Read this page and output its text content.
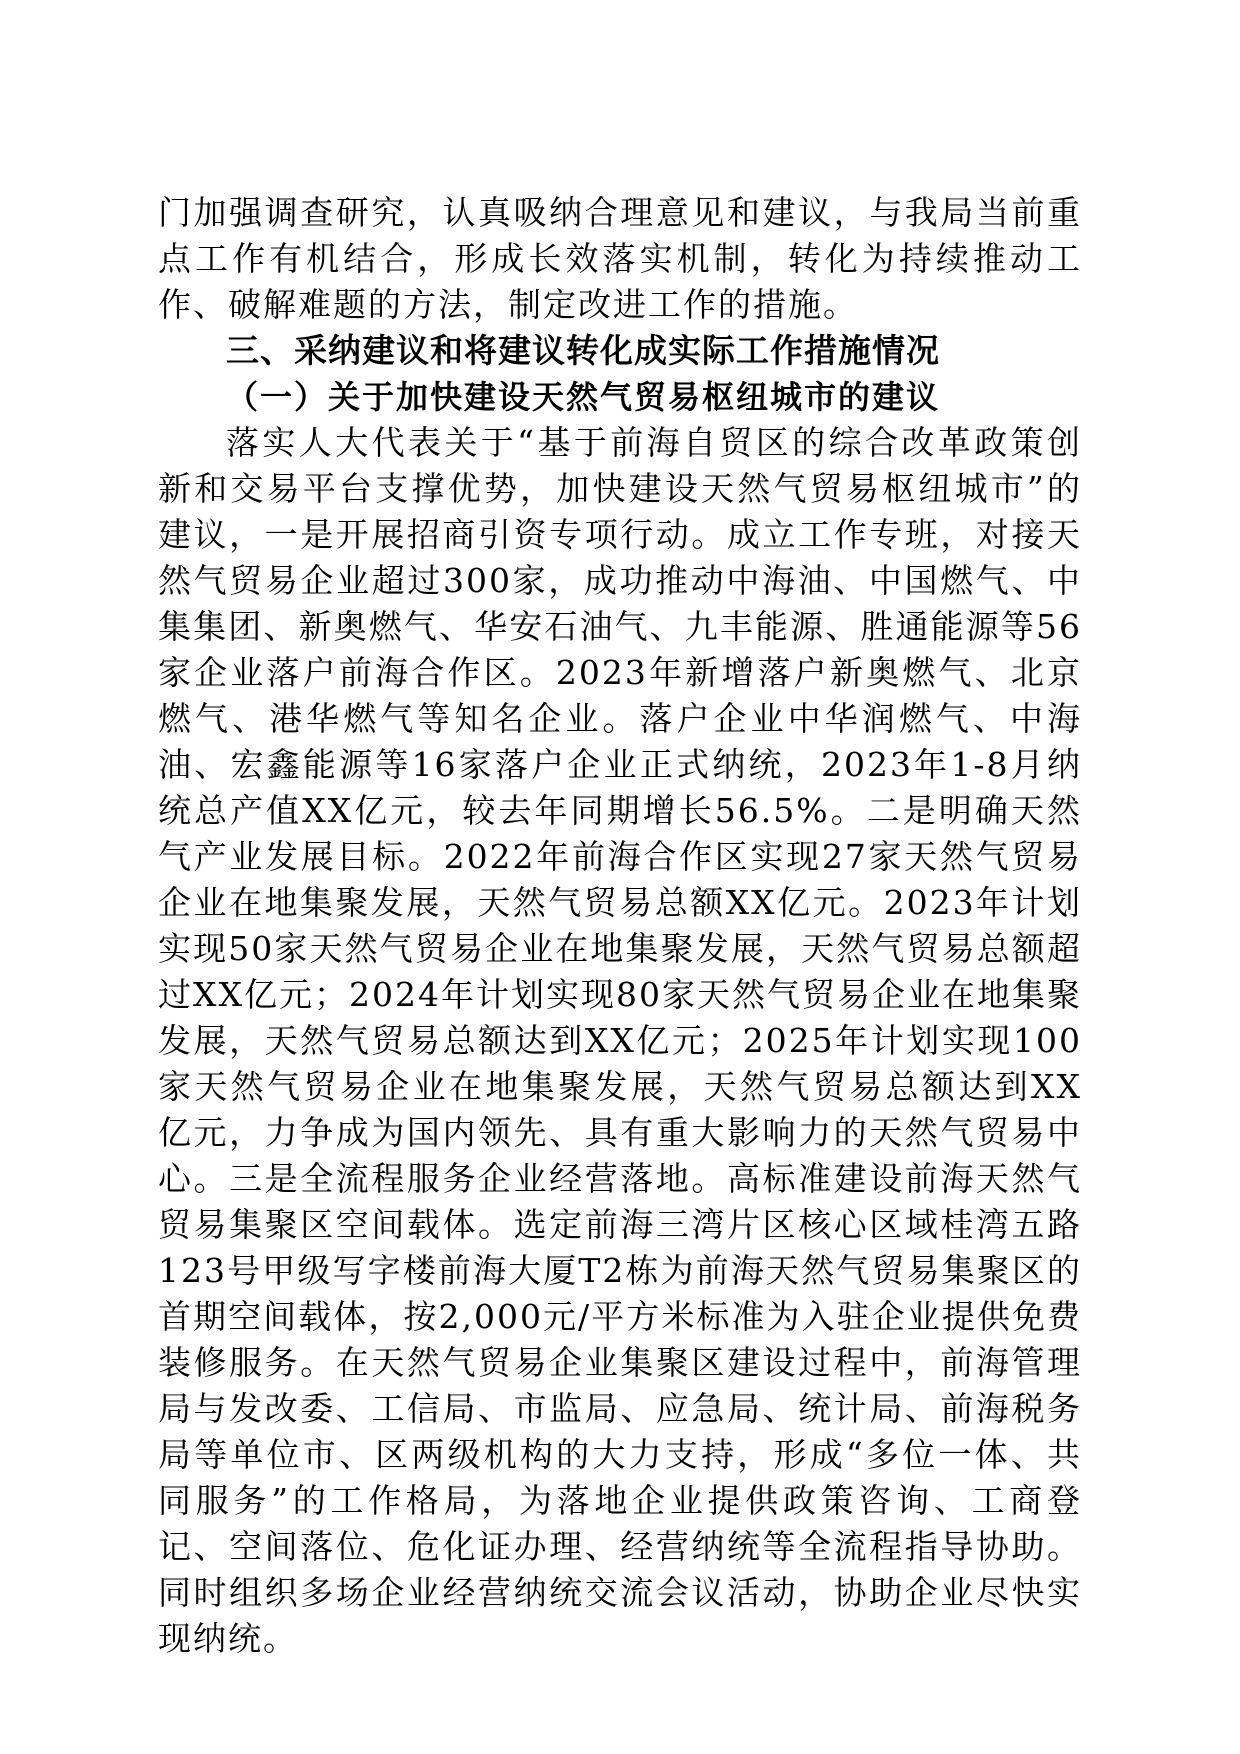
门加强调查研究，认真吸纳合理意见和建议，与我局当前重点工作有机结合，形成长效落实机制，转化为持续推动工作、破解难题的方法，制定改进工作的措施。

三、采纳建议和将建议转化成实际工作措施情况
（一）关于加快建设天然气贸易枢纽城市的建议

落实人大代表关于“基于前海自贸区的综合改革政策创新和交易平台支撑优势，加快建设天然气贸易枢纽城市”的建议，一是开展招商引资专项行动。成立工作专班，对接天然气贸易企业超过300家，成功推动中海油、中国燃气、中集集团、新奥燃气、华安石油气、九丰能源、胜通能源等56家企业落户前海合作区。2023年新增落户新奥燃气、北京燃气、港华燃气等知名企业。落户企业中华润燃气、中海油、宏鑫能源等16家落户企业正式纳统，2023年1-8月纳统总产值XX亿元，较去年同期增长56.5%。二是明确天然气产业发展目标。2022年前海合作区实现27家天然气贸易企业在地集聚发展，天然气贸易总额XX亿元。2023年计划实现50家天然气贸易企业在地集聚发展，天然气贸易总额超过XX亿元；2024年计划实现80家天然气贸易企业在地集聚发展，天然气贸易总额达到XX亿元；2025年计划实现100家天然气贸易企业在地集聚发展，天然气贸易总额达到XX亿元，力争成为国内领先、具有重大影响力的天然气贸易中心。三是全流程服务企业经营落地。高标准建设前海天然气贸易集聚区空间载体。选定前海三湾片区核心区域桂湾五路123号甲级写字楼前海大厦T2栋为前海天然气贸易集聚区的首期空间载体，按2,000元/平方米标准为入驻企业提供免费装修服务。在天然气贸易企业集聚区建设过程中，前海管理局与发改委、工信局、市监局、应急局、统计局、前海税务局等单位市、区两级机构的大力支持，形成“多位一体、共同服务”的工作格局，为落地企业提供政策咨询、工商登记、空间落位、危化证办理、经营纳统等全流程指导协助。同时组织多场企业经营纳统交流会议活动，协助企业尽快实现纳统。
